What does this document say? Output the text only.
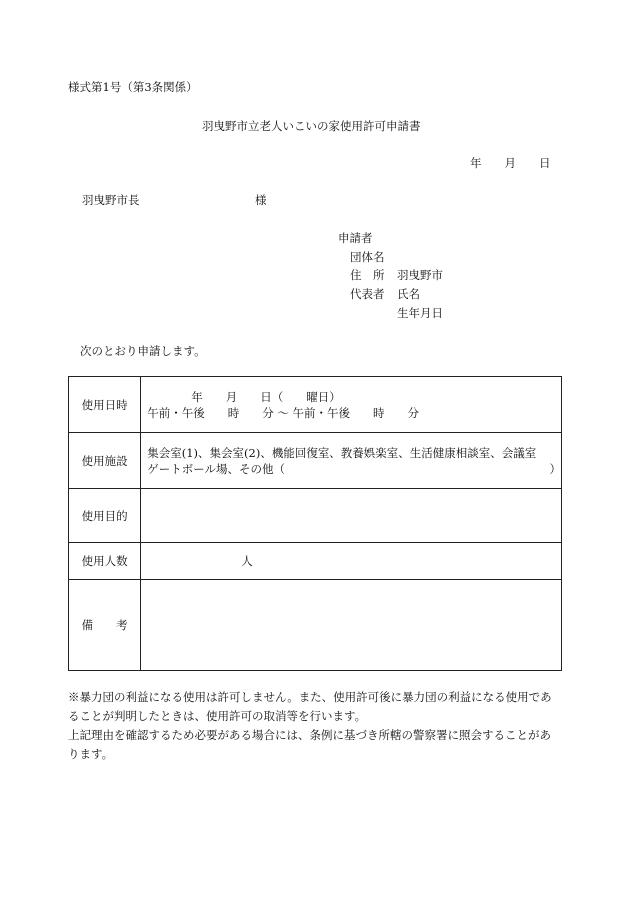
様式第1号（第3条関係）
羽曳野市立老人いこいの家使用許可申請書
年　　月　　日
羽曳野市長	様
申請者
団体名
住　所 羽曳野市
代表者 氏名
生年月日
次のとおり申請します。
使用日時	年　　月　　日（　　曜日）
午前・午後　　時　　分 ～ 午前・午後　　時　　分

使用施設	集会室(1)、集会室(2)、機能回復室、教養娯楽室、生活健康相談室、会議室
ゲートボール場、その他（　　　　　　　　　　　　　　　　　　　　　　　）

使用目的	
使用人数	人
備　　考	
※暴力団の利益になる使用は許可しません。また、使用許可後に暴力団の利益になる使用であ
ることが判明したときは、使用許可の取消等を行います。
上記理由を確認するため必要がある場合には、条例に基づき所轄の警察署に照会することがあ
ります。
